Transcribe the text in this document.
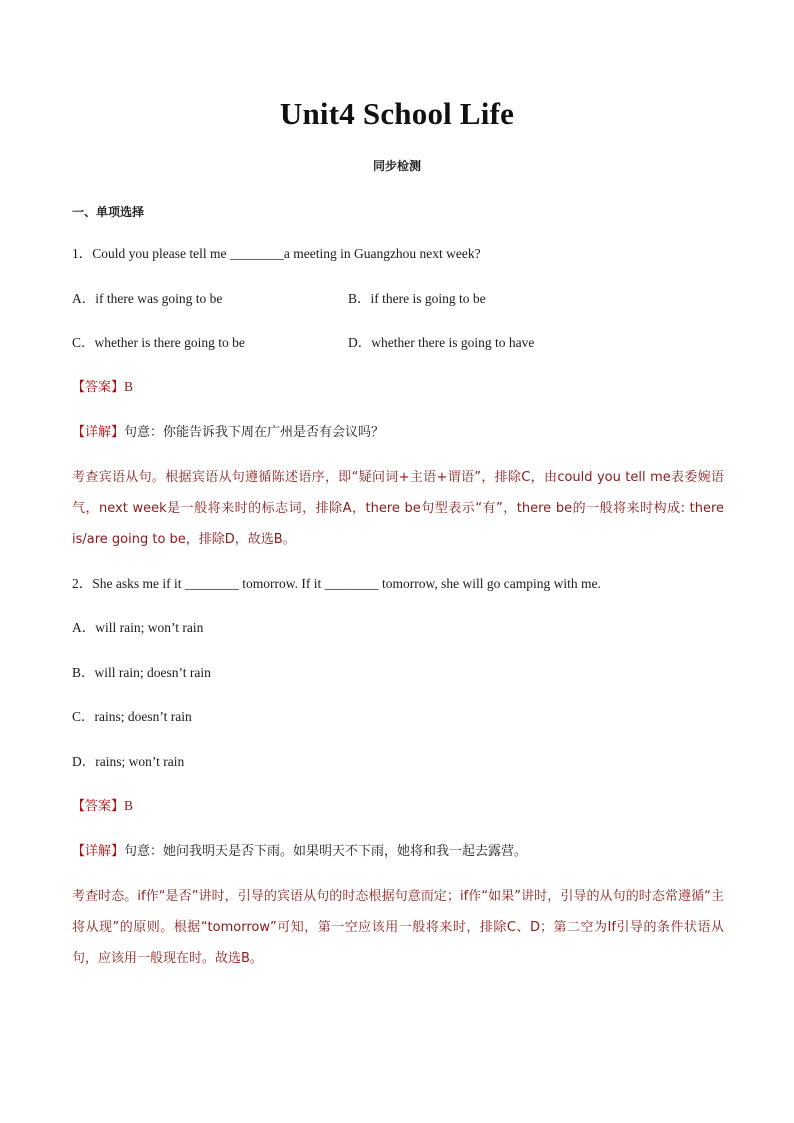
Unit4 School Life
同步检测
一、单项选择
1．Could you please tell me ________a meeting in Guangzhou next week?
A．if there was going to be	B．if there is going to be
C．whether is there going to be	D．whether there is going to have
【答案】B
【详解】句意：你能告诉我下周在广州是否有会议吗？
考查宾语从句。根据宾语从句遵循陈述语序，即“疑问词+主语+谓语”，排除C，由could you tell me表委婉语气，next week是一般将来时的标志词，排除A，there be句型表示“有”，there be的一般将来时构成: there is/are going to be，排除D，故选B。
2．She asks me if it ________ tomorrow. If it ________ tomorrow, she will go camping with me.
A．will rain; won’t rain
B．will rain; doesn’t rain
C．rains; doesn’t rain
D．rains; won’t rain
【答案】B
【详解】句意：她问我明天是否下雨。如果明天不下雨，她将和我一起去露营。
考查时态。if作“是否”讲时，引导的宾语从句的时态根据句意而定；if作“如果”讲时，引导的从句的时态常遵循“主将从现”的原则。根据“tomorrow”可知，第一空应该用一般将来时，排除C、D；第二空为If引导的条件状语从句，应该用一般现在时。故选B。
